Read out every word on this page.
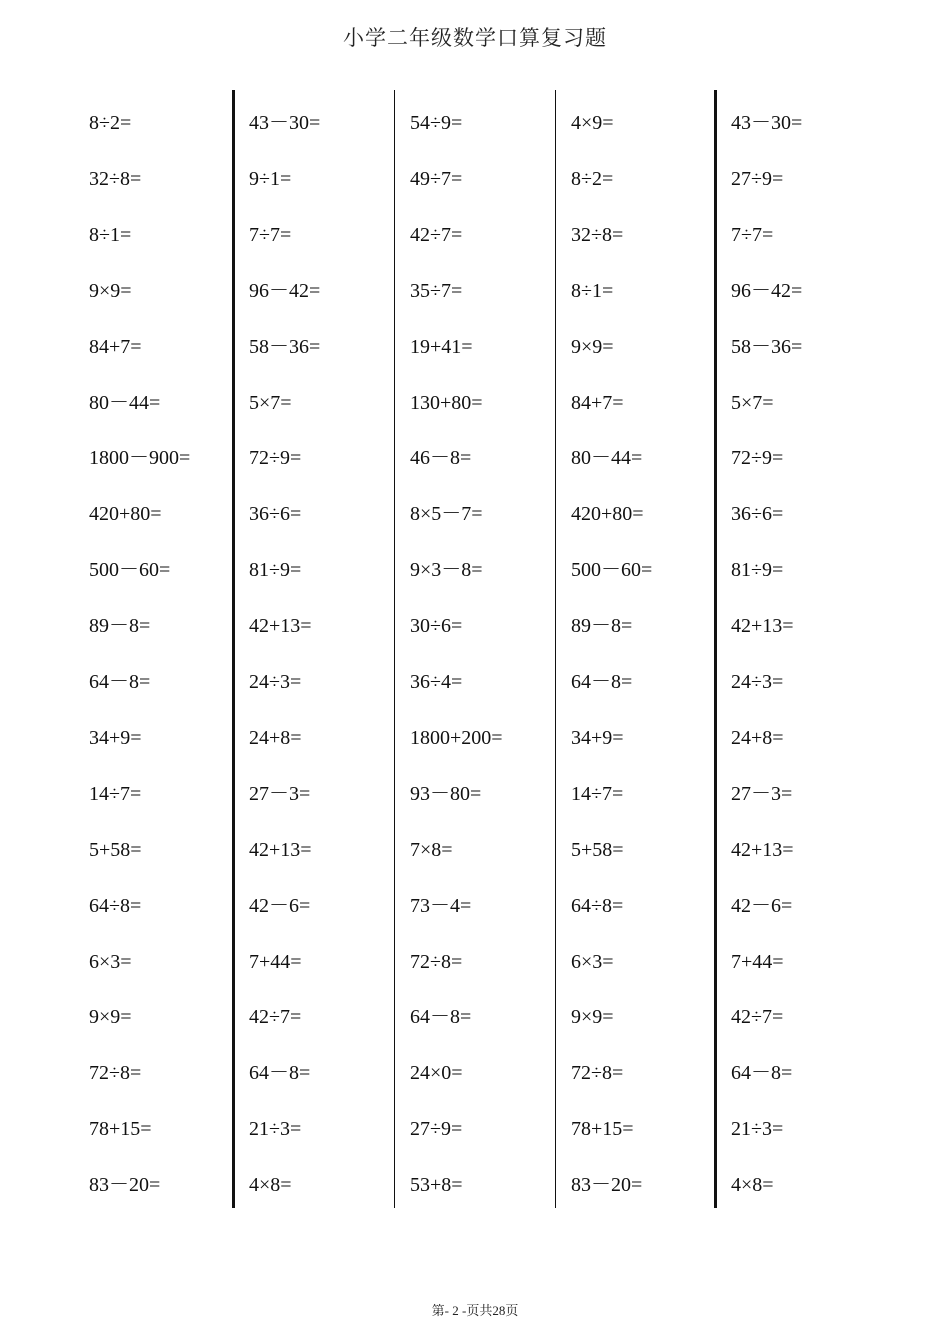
小学二年级数学口算复习题
8÷2=
32÷8=
8÷1=
9×9=
84+7=
80－44=
1800－900=
420+80=
500－60=
89－8=
64－8=
34+9=
14÷7=
5+58=
64÷8=
6×3=
9×9=
72÷8=
78+15=
83－20=
43－30=
9÷1=
7÷7=
96－42=
58－36=
5×7=
72÷9=
36÷6=
81÷9=
42+13=
24÷3=
24+8=
27－3=
42+13=
42－6=
7+44=
42÷7=
64－8=
21÷3=
4×8=
54÷9=
49÷7=
42÷7=
35÷7=
19+41=
130+80=
46－8=
8×5－7=
9×3－8=
30÷6=
36÷4=
1800+200=
93－80=
7×8=
73－4=
72÷8=
64－8=
24×0=
27÷9=
53+8=
4×9=
8÷2=
32÷8=
8÷1=
9×9=
84+7=
80－44=
420+80=
500－60=
89－8=
64－8=
34+9=
14÷7=
5+58=
64÷8=
6×3=
9×9=
72÷8=
78+15=
83－20=
43－30=
27÷9=
7÷7=
96－42=
58－36=
5×7=
72÷9=
36÷6=
81÷9=
42+13=
24÷3=
24+8=
27－3=
42+13=
42－6=
7+44=
42÷7=
64－8=
21÷3=
4×8=
第- 2 -页共28页
